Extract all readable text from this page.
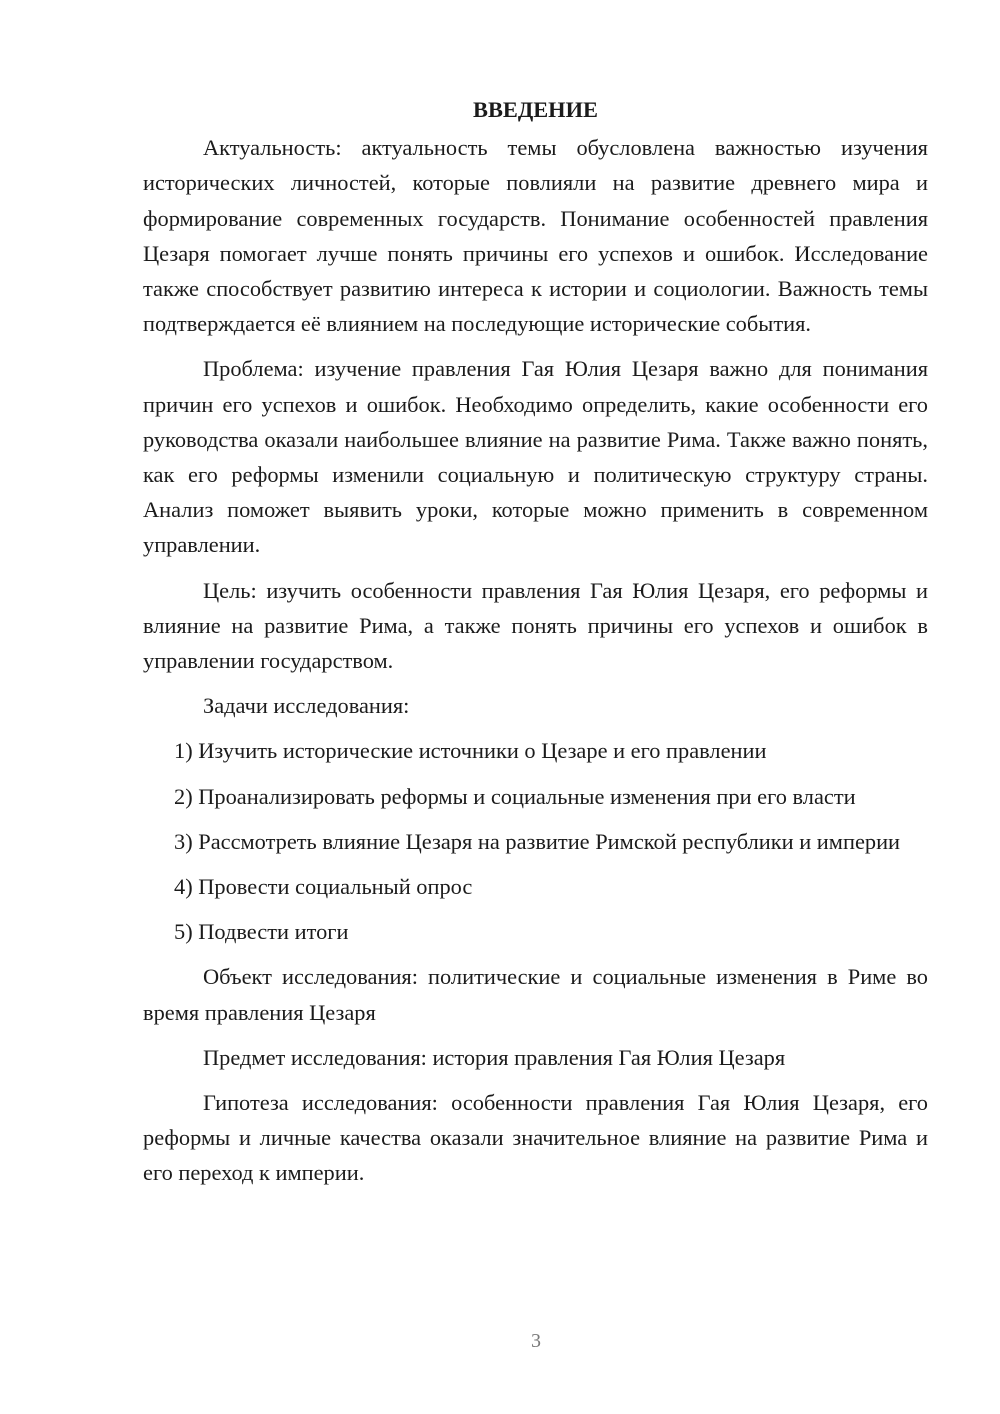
ВВЕДЕНИЕ

Актуальность: актуальность темы обусловлена важностью изучения исторических личностей, которые повлияли на развитие древнего мира и формирование современных государств. Понимание особенностей правления Цезаря помогает лучше понять причины его успехов и ошибок. Исследование также способствует развитию интереса к истории и социологии. Важность темы подтверждается её влиянием на последующие исторические события.

Проблема: изучение правления Гая Юлия Цезаря важно для понимания причин его успехов и ошибок. Необходимо определить, какие особенности его руководства оказали наибольшее влияние на развитие Рима. Также важно понять, как его реформы изменили социальную и политическую структуру страны. Анализ поможет выявить уроки, которые можно применить в современном управлении.

Цель: изучить особенности правления Гая Юлия Цезаря, его реформы и влияние на развитие Рима, а также понять причины его успехов и ошибок в управлении государством.

Задачи исследования:

1) Изучить исторические источники о Цезаре и его правлении

2) Проанализировать реформы и социальные изменения при его власти

3) Рассмотреть влияние Цезаря на развитие Римской республики и империи

4) Провести социальный опрос

5) Подвести итоги

Объект исследования: политические и социальные изменения в Риме во время правления Цезаря

Предмет исследования: история правления Гая Юлия Цезаря

Гипотеза исследования: особенности правления Гая Юлия Цезаря, его реформы и личные качества оказали значительное влияние на развитие Рима и его переход к империи.

3
